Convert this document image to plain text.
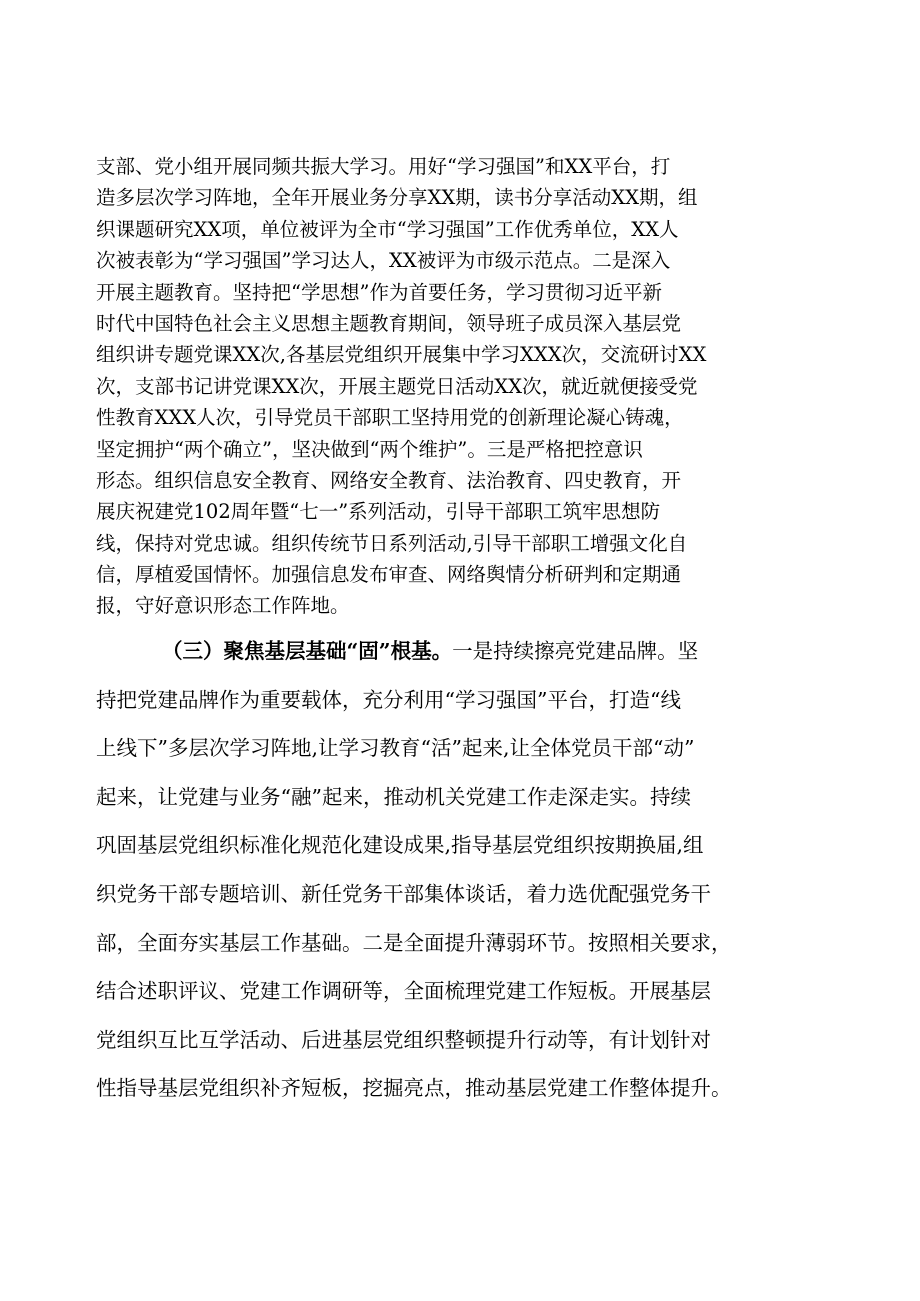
支部、党小组开展同频共振大学习。用好“学习强国”和XX平台，打
造多层次学习阵地，全年开展业务分享XX期，读书分享活动XX期，组
织课题研究XX项，单位被评为全市“学习强国”工作优秀单位，XX人
次被表彰为“学习强国”学习达人，XX被评为市级示范点。二是深入
开展主题教育。坚持把“学思想”作为首要任务，学习贯彻习近平新
时代中国特色社会主义思想主题教育期间，领导班子成员深入基层党
组织讲专题党课XX次,各基层党组织开展集中学习XXX次，交流研讨XX
次，支部书记讲党课XX次，开展主题党日活动XX次，就近就便接受党
性教育XXX人次，引导党员干部职工坚持用党的创新理论凝心铸魂，
坚定拥护“两个确立”，坚决做到“两个维护”。三是严格把控意识
形态。组织信息安全教育、网络安全教育、法治教育、四史教育，开
展庆祝建党102周年暨“七一”系列活动，引导干部职工筑牢思想防
线，保持对党忠诚。组织传统节日系列活动,引导干部职工增强文化自
信，厚植爱国情怀。加强信息发布审查、网络舆情分析研判和定期通
报，守好意识形态工作阵地。
（三）聚焦基层基础“固”根基。一是持续擦亮党建品牌。坚
持把党建品牌作为重要载体，充分利用“学习强国”平台，打造“线
上线下”多层次学习阵地,让学习教育“活”起来,让全体党员干部“动”
起来，让党建与业务“融”起来，推动机关党建工作走深走实。持续
巩固基层党组织标准化规范化建设成果,指导基层党组织按期换届,组
织党务干部专题培训、新任党务干部集体谈话，着力选优配强党务干
部，全面夯实基层工作基础。二是全面提升薄弱环节。按照相关要求，
结合述职评议、党建工作调研等，全面梳理党建工作短板。开展基层
党组织互比互学活动、后进基层党组织整顿提升行动等，有计划针对
性指导基层党组织补齐短板，挖掘亮点，推动基层党建工作整体提升。
